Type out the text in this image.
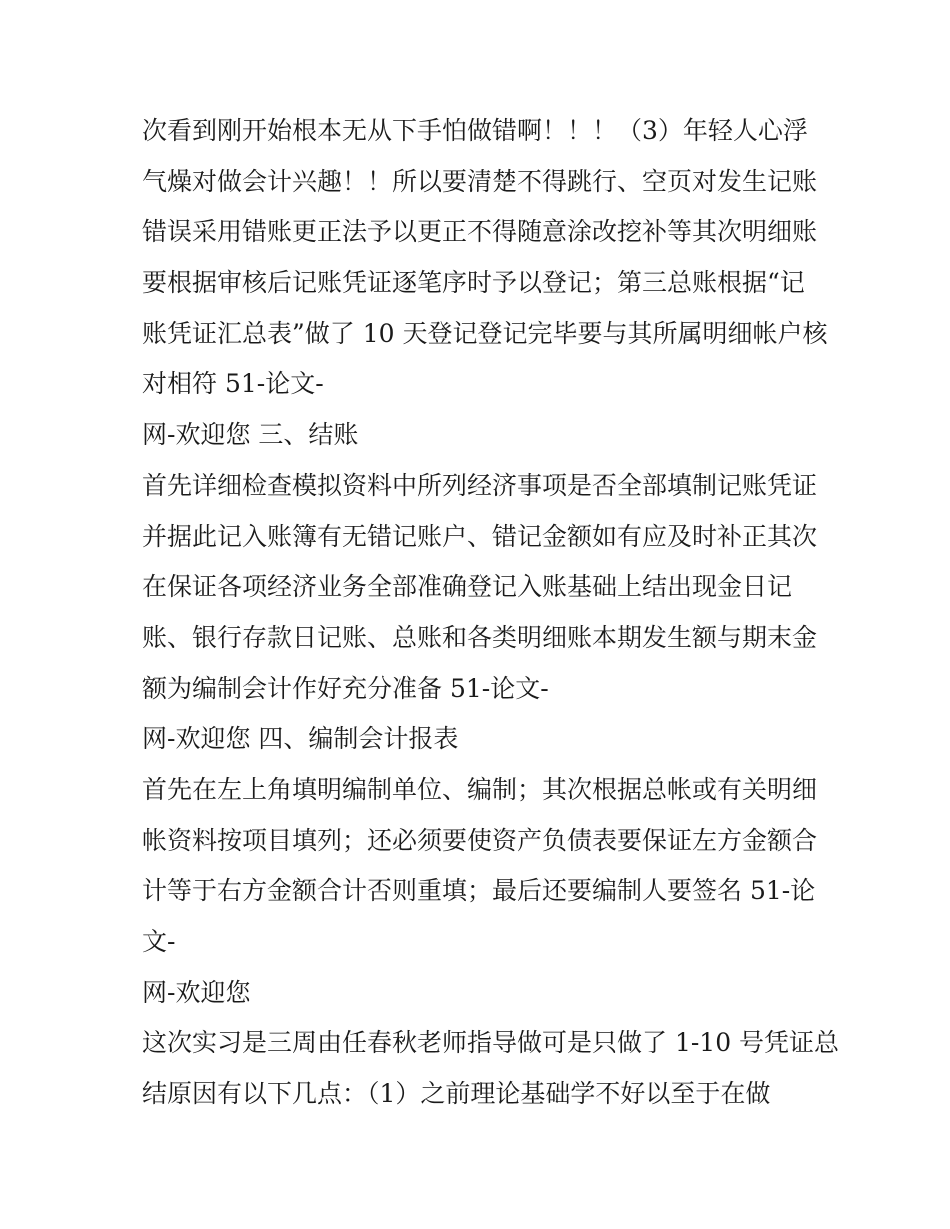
次看到刚开始根本无从下手怕做错啊！！！（3）年轻人心浮
气燥对做会计兴趣！！所以要清楚不得跳行、空页对发生记账
错误采用错账更正法予以更正不得随意涂改挖补等其次明细账
要根据审核后记账凭证逐笔序时予以登记；第三总账根据“记
账凭证汇总表”做了 10 天登记登记完毕要与其所属明细帐户核
对相符 51-论文-
网-欢迎您 三、结账
首先详细检查模拟资料中所列经济事项是否全部填制记账凭证
并据此记入账簿有无错记账户、错记金额如有应及时补正其次
在保证各项经济业务全部准确登记入账基础上结出现金日记
账、银行存款日记账、总账和各类明细账本期发生额与期末金
额为编制会计作好充分准备 51-论文-
网-欢迎您 四、编制会计报表
首先在左上角填明编制单位、编制；其次根据总帐或有关明细
帐资料按项目填列；还必须要使资产负债表要保证左方金额合
计等于右方金额合计否则重填；最后还要编制人要签名 51-论
文-
网-欢迎您
这次实习是三周由任春秋老师指导做可是只做了 1-10 号凭证总
结原因有以下几点：（1）之前理论基础学不好以至于在做
